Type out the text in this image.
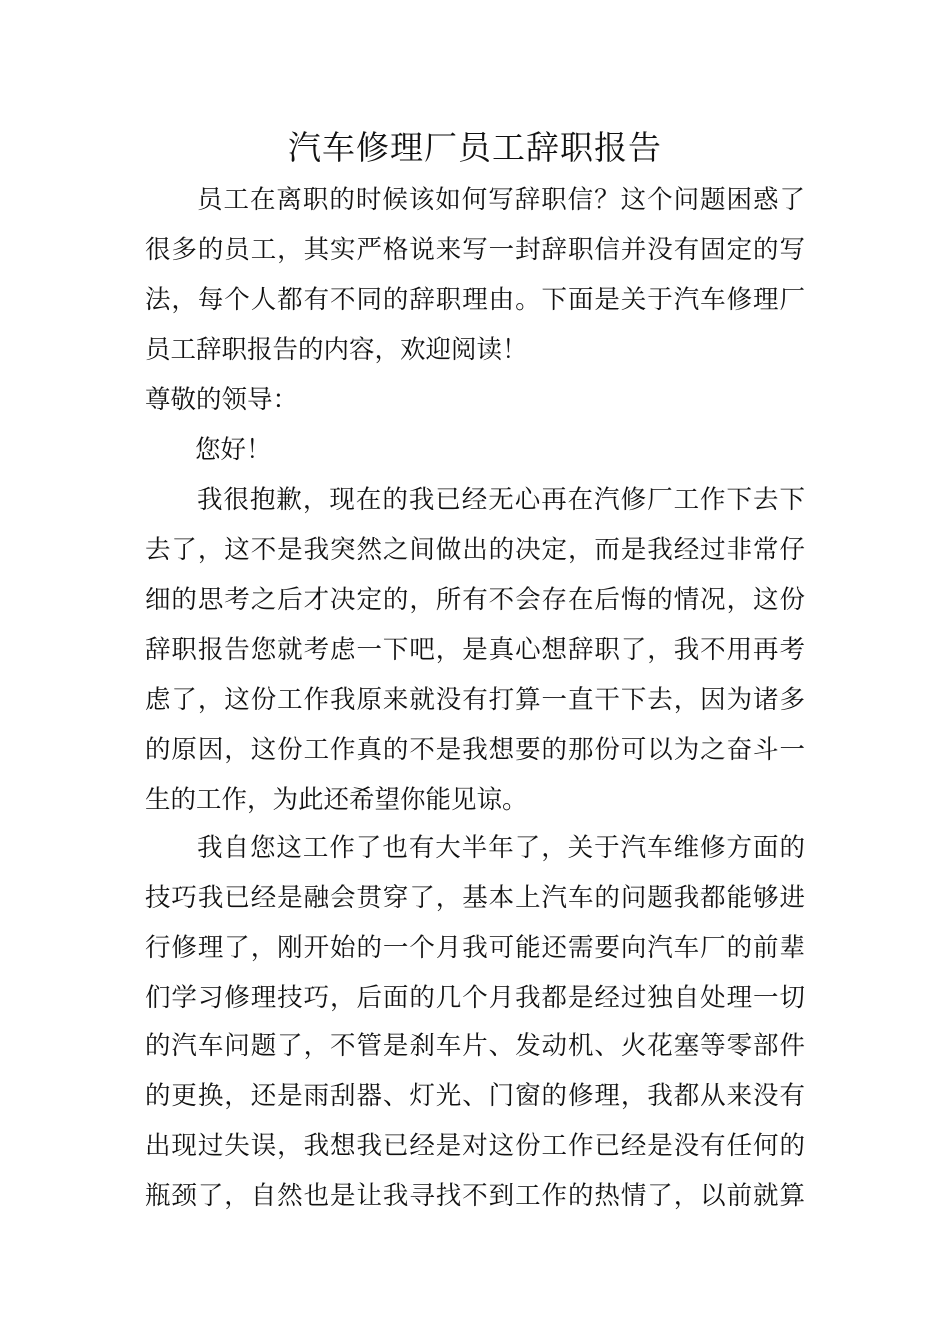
汽车修理厂员工辞职报告
员工在离职的时候该如何写辞职信？这个问题困惑了
很多的员工，其实严格说来写一封辞职信并没有固定的写
法，每个人都有不同的辞职理由。下面是关于汽车修理厂
员工辞职报告的内容，欢迎阅读！
尊敬的领导：
您好！
我很抱歉，现在的我已经无心再在汽修厂工作下去下
去了，这不是我突然之间做出的决定，而是我经过非常仔
细的思考之后才决定的，所有不会存在后悔的情况，这份
辞职报告您就考虑一下吧，是真心想辞职了，我不用再考
虑了，这份工作我原来就没有打算一直干下去，因为诸多
的原因，这份工作真的不是我想要的那份可以为之奋斗一
生的工作，为此还希望你能见谅。
我自您这工作了也有大半年了，关于汽车维修方面的
技巧我已经是融会贯穿了，基本上汽车的问题我都能够进
行修理了，刚开始的一个月我可能还需要向汽车厂的前辈
们学习修理技巧，后面的几个月我都是经过独自处理一切
的汽车问题了，不管是刹车片、发动机、火花塞等零部件
的更换，还是雨刮器、灯光、门窗的修理，我都从来没有
出现过失误，我想我已经是对这份工作已经是没有任何的
瓶颈了，自然也是让我寻找不到工作的热情了，以前就算
